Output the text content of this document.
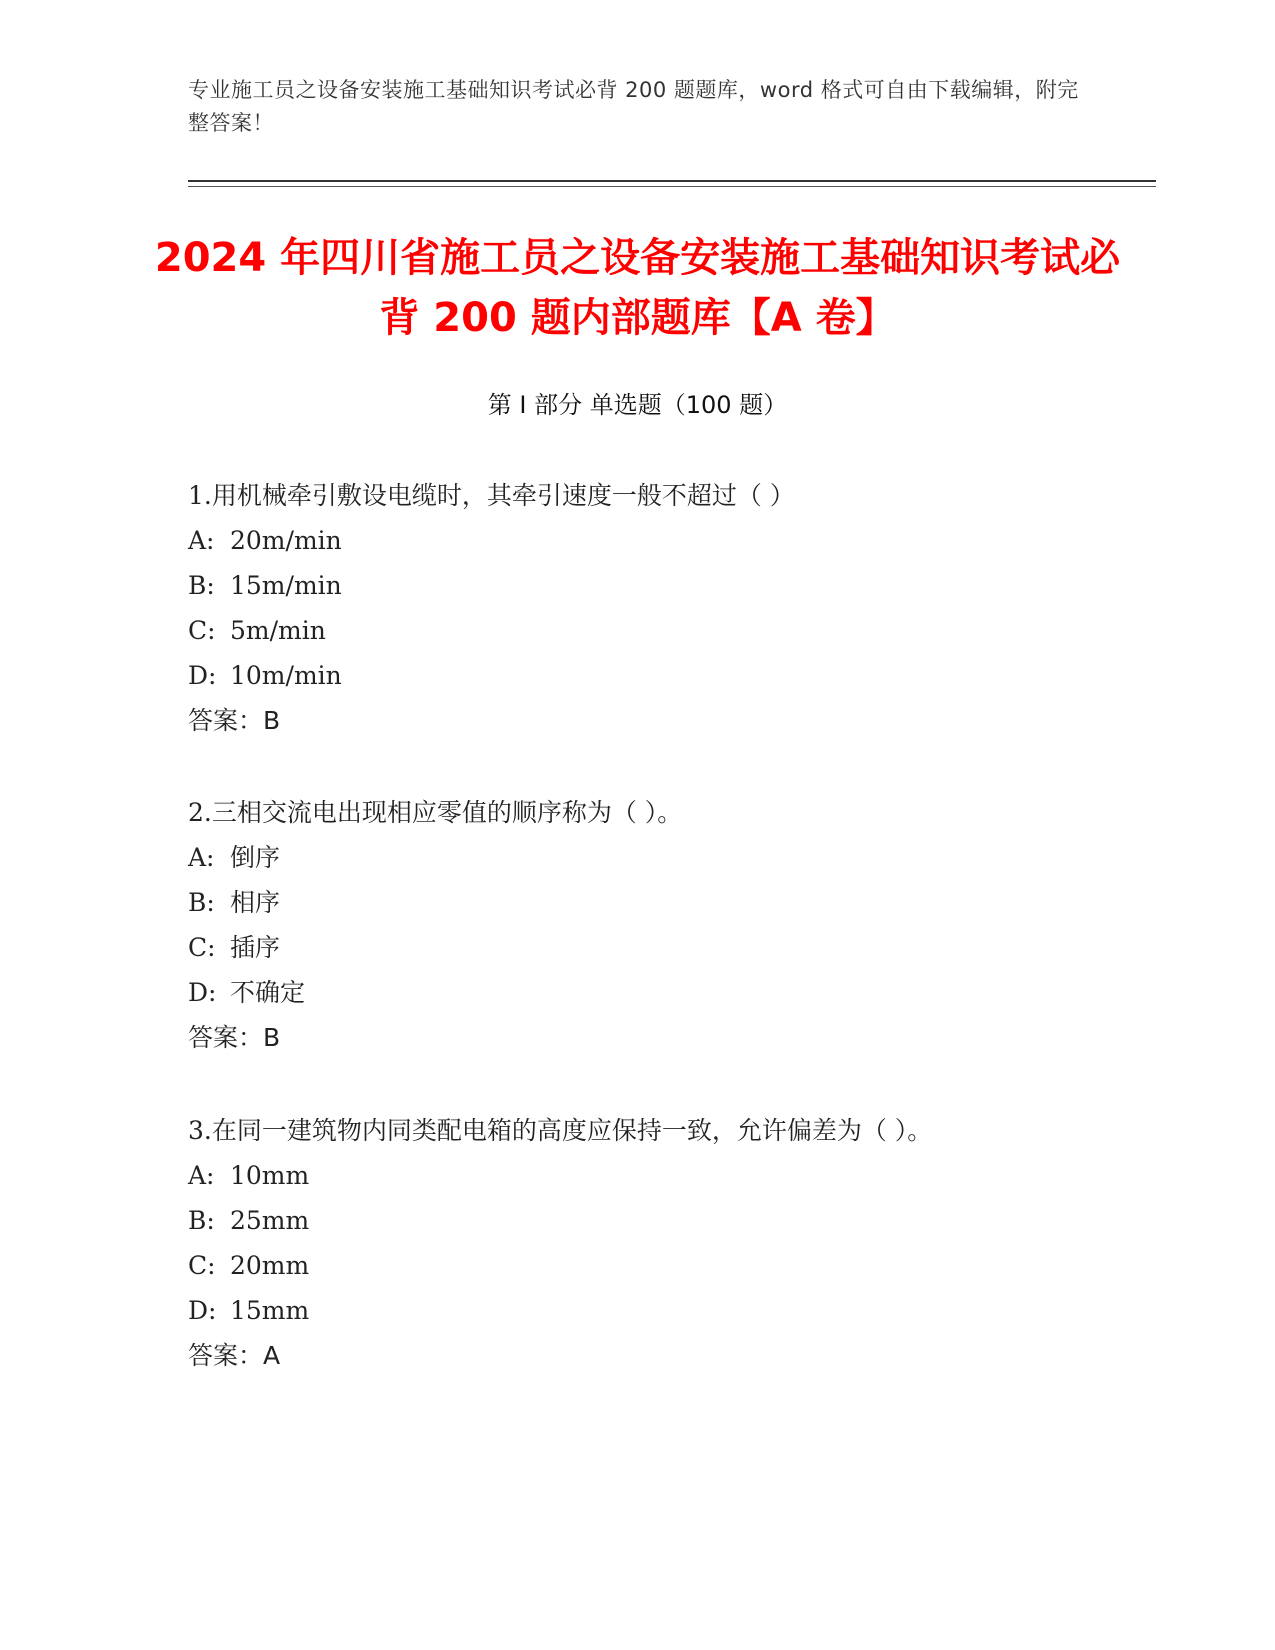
专业施工员之设备安装施工基础知识考试必背 200 题题库，word 格式可自由下载编辑，附完整答案！
2024 年四川省施工员之设备安装施工基础知识考试必背 200 题内部题库【A 卷】
第 I 部分 单选题（100 题）
1.用机械牵引敷设电缆时，其牵引速度一般不超过（ ）
A: 20m/min
B: 15m/min
C: 5m/min
D: 10m/min
答案：B
2.三相交流电出现相应零值的顺序称为（ ）。
A: 倒序
B: 相序
C: 插序
D: 不确定
答案：B
3.在同一建筑物内同类配电箱的高度应保持一致，允许偏差为（ ）。
A: 10mm
B: 25mm
C: 20mm
D: 15mm
答案：A
